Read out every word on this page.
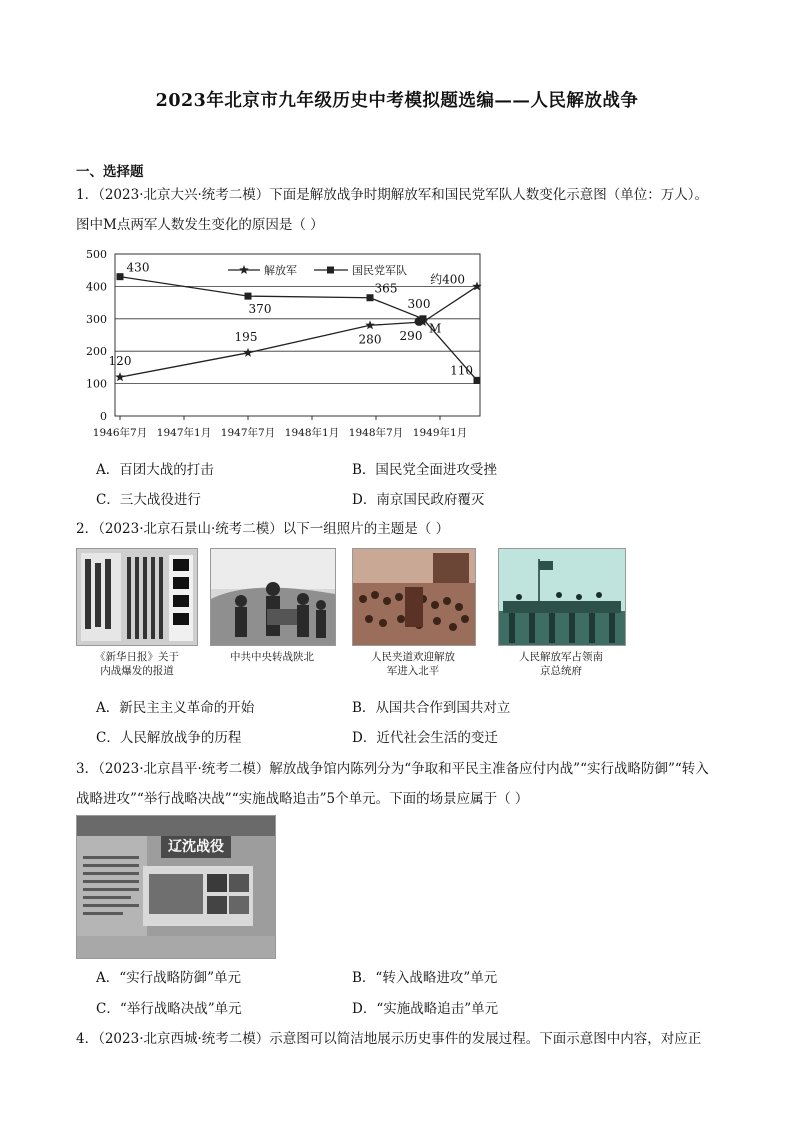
2023年北京市九年级历史中考模拟题选编——人民解放战争
一、选择题
1．（2023·北京大兴·统考二模）下面是解放战争时期解放军和国民党军队人数变化示意图（单位：万人）。
图中M点两军人数发生变化的原因是（ ）
0
100
200
300
400
500
1946年7月 1947年1月 1947年7月 1948年1月 1948年7月 1949年1月
120
195	280 290
约400
430
370
365
300
110
M
解放军	国民党军队
A．百团大战的打击	B．国民党全面进攻受挫
C．三大战役进行	D．南京国民政府覆灭
2．（2023·北京石景山·统考二模）以下一组照片的主题是（ ）
《新华日报》关于
内战爆发的报道
中共中央转战陕北	人民夹道欢迎解放
军进入北平
人民解放军占领南
京总统府
A．新民主主义革命的开始	B．从国共合作到国共对立
C．人民解放战争的历程	D．近代社会生活的变迁
3．（2023·北京昌平·统考二模）解放战争馆内陈列分为“争取和平民主准备应付内战”“实行战略防御”“转入
战略进攻”“举行战略决战”“实施战略追击”5个单元。下面的场景应属于（ ）
辽沈战役
A．“实行战略防御”单元	B．“转入战略进攻”单元
C．“举行战略决战”单元	D．“实施战略追击”单元
4．（2023·北京西城·统考二模）示意图可以简洁地展示历史事件的发展过程。下面示意图中内容，对应正
